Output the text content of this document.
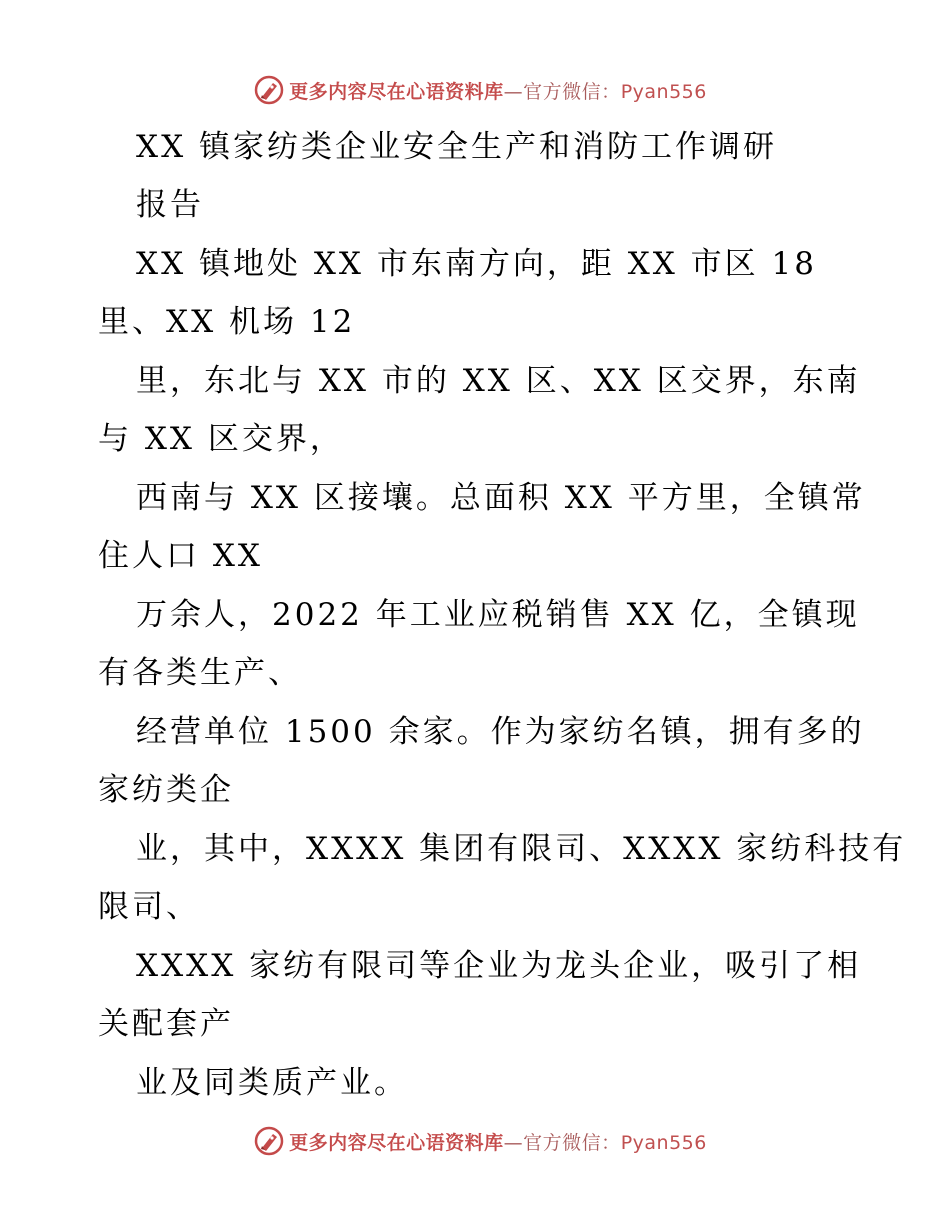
更多内容尽在心语资料库—官方微信：Pyan556
XX 镇家纺类企业安全生产和消防工作调研
报告
XX 镇地处 XX 市东南方向，距 XX 市区 18
里、XX 机场 12
里，东北与 XX 市的 XX 区、XX 区交界，东南
与 XX 区交界，
西南与 XX 区接壤。总面积 XX 平方里，全镇常
住人口 XX
万余人，2022 年工业应税销售 XX 亿，全镇现
有各类生产、
经营单位 1500 余家。作为家纺名镇，拥有多的
家纺类企
业，其中，XXXX 集团有限司、XXXX 家纺科技有
限司、
XXXX 家纺有限司等企业为龙头企业，吸引了相
关配套产
业及同类质产业。
更多内容尽在心语资料库—官方微信：Pyan556
